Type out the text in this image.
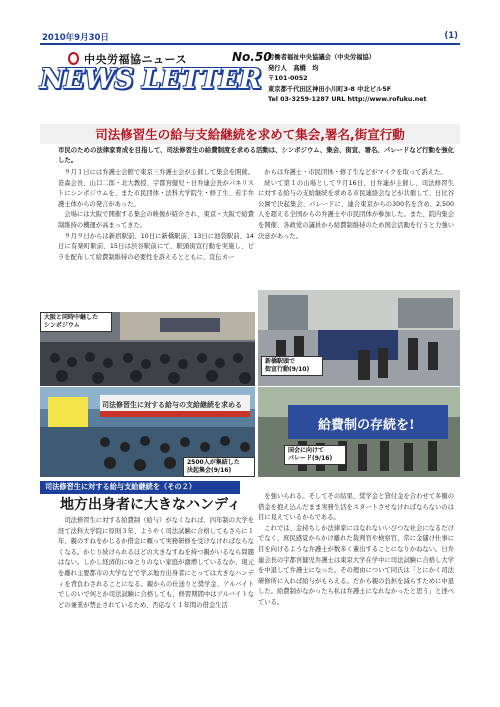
2010年9月30日	(1)
中央労福協ニュース	No.50
NEWS LETTER
労働者福祉中央協議会（中央労福協）
発行人　高橋　均
〒101-0052
東京都千代田区神田小川町3-8 中北ビル5F
Tel 03-3259-1287 URL http://www.rofuku.net
司法修習生の給与支給継続を求めて集会,署名,街宣行動
市民のための法律家育成を目指して、司法修習生の給費制度を求める活動は、シンポジウム、集会、街宣、署名、パレードなど行動を強化した。

９月１日には弁護士会館で東京三弁護士会が主催して集会を開催。笹森会長、山口二郎・北大教授、宇都宮健児・日弁連会長がパネリストにシンポジウムを、また市民団体・法科大学院生・修了生、若手弁護士体からの発言があった。

会場には大阪で開催する集会の映像が紹介され、東京・大阪で給費制維持の機運が高まってきた。

９月９日からは新宿駅前、10日に新橋駅前、13日に池袋駅前、14日に有楽町駅前、15日は渋谷駅前にて、駅頭街宣行動を実施し、ビラを配布して給費制維持の必要性を訴えるとともに、宣伝カー

からは弁護士・市民団体・修了生などがマイクを取って訴えた。

続いて第１の山場として９月16日、日弁連が主催し、司法修習生に対する給与の支給継続を求める市民連絡会などが共催して、日比谷公園で決起集会、パレードに、連合東京からの300名を含め、2,500人を超える全国からの弁護士や市民団体が参加した。また、院内集会を開催、各政党の議員から給費制維持のため国会活動を行うと力強い決意があった。

大阪と同時中継した
シンポジウム
新橋駅頭で
街宣行動(9/10)
司法修習生に対する給与の支給継続を求める
2500人が集結した
決起集会(9/16)
給費制の存続を!
国会に向けて
パレード(9/16)
司法修習生に対する給与支給継続を（その２）
地方出身者に大きなハンディ

司法修習生に対する給費制（給与）がなくなれば、四年制の大学を経て法科大学院に原則３年、ようやく司法試験に合格してもさらに１年、親のすねをかじるか借金に頼って実務研修を受けなければならなくなる。かじり続けられるほどの大きなすねを持つ親がいるなら問題はない。しかし経済的にゆとりのない家庭が激増しているなか、現元を離れ主要都市の大学などで学ぶ地方出身者にとっては大きなハンディを背負わされることになる。親からの仕送りと奨学金、アルバイトでしのいで何とか司法試験に合格しても、修習期間中はアルバイトなどの兼業が禁止されているため、否応なく１年間の借金生活

を強いられる。そしてその結果、奨学金と貸付金を合わせて多額の借金を抱え込んだまま実務生活をスタートさせなければならないのは目に見えているからである。

これでは、金持ちしか法律家にはなれないいびつな社会になるだけでなく、庶民感覚からかけ離れた裁判官や検察官、常に金儲け仕事に目を向けるような弁護士が数多く輩出することになりかねない。日弁連会長の宇都宮健児弁護士は東京大学在学中に司法試験に合格し大学を中退して弁護士になった。その理由について同氏は「とにかく司法研修所に入れば給与がもらえる。だから親の負担を減らすために中退した。給費制がなかったら私は弁護士になれなかったと思う」と述べている。
